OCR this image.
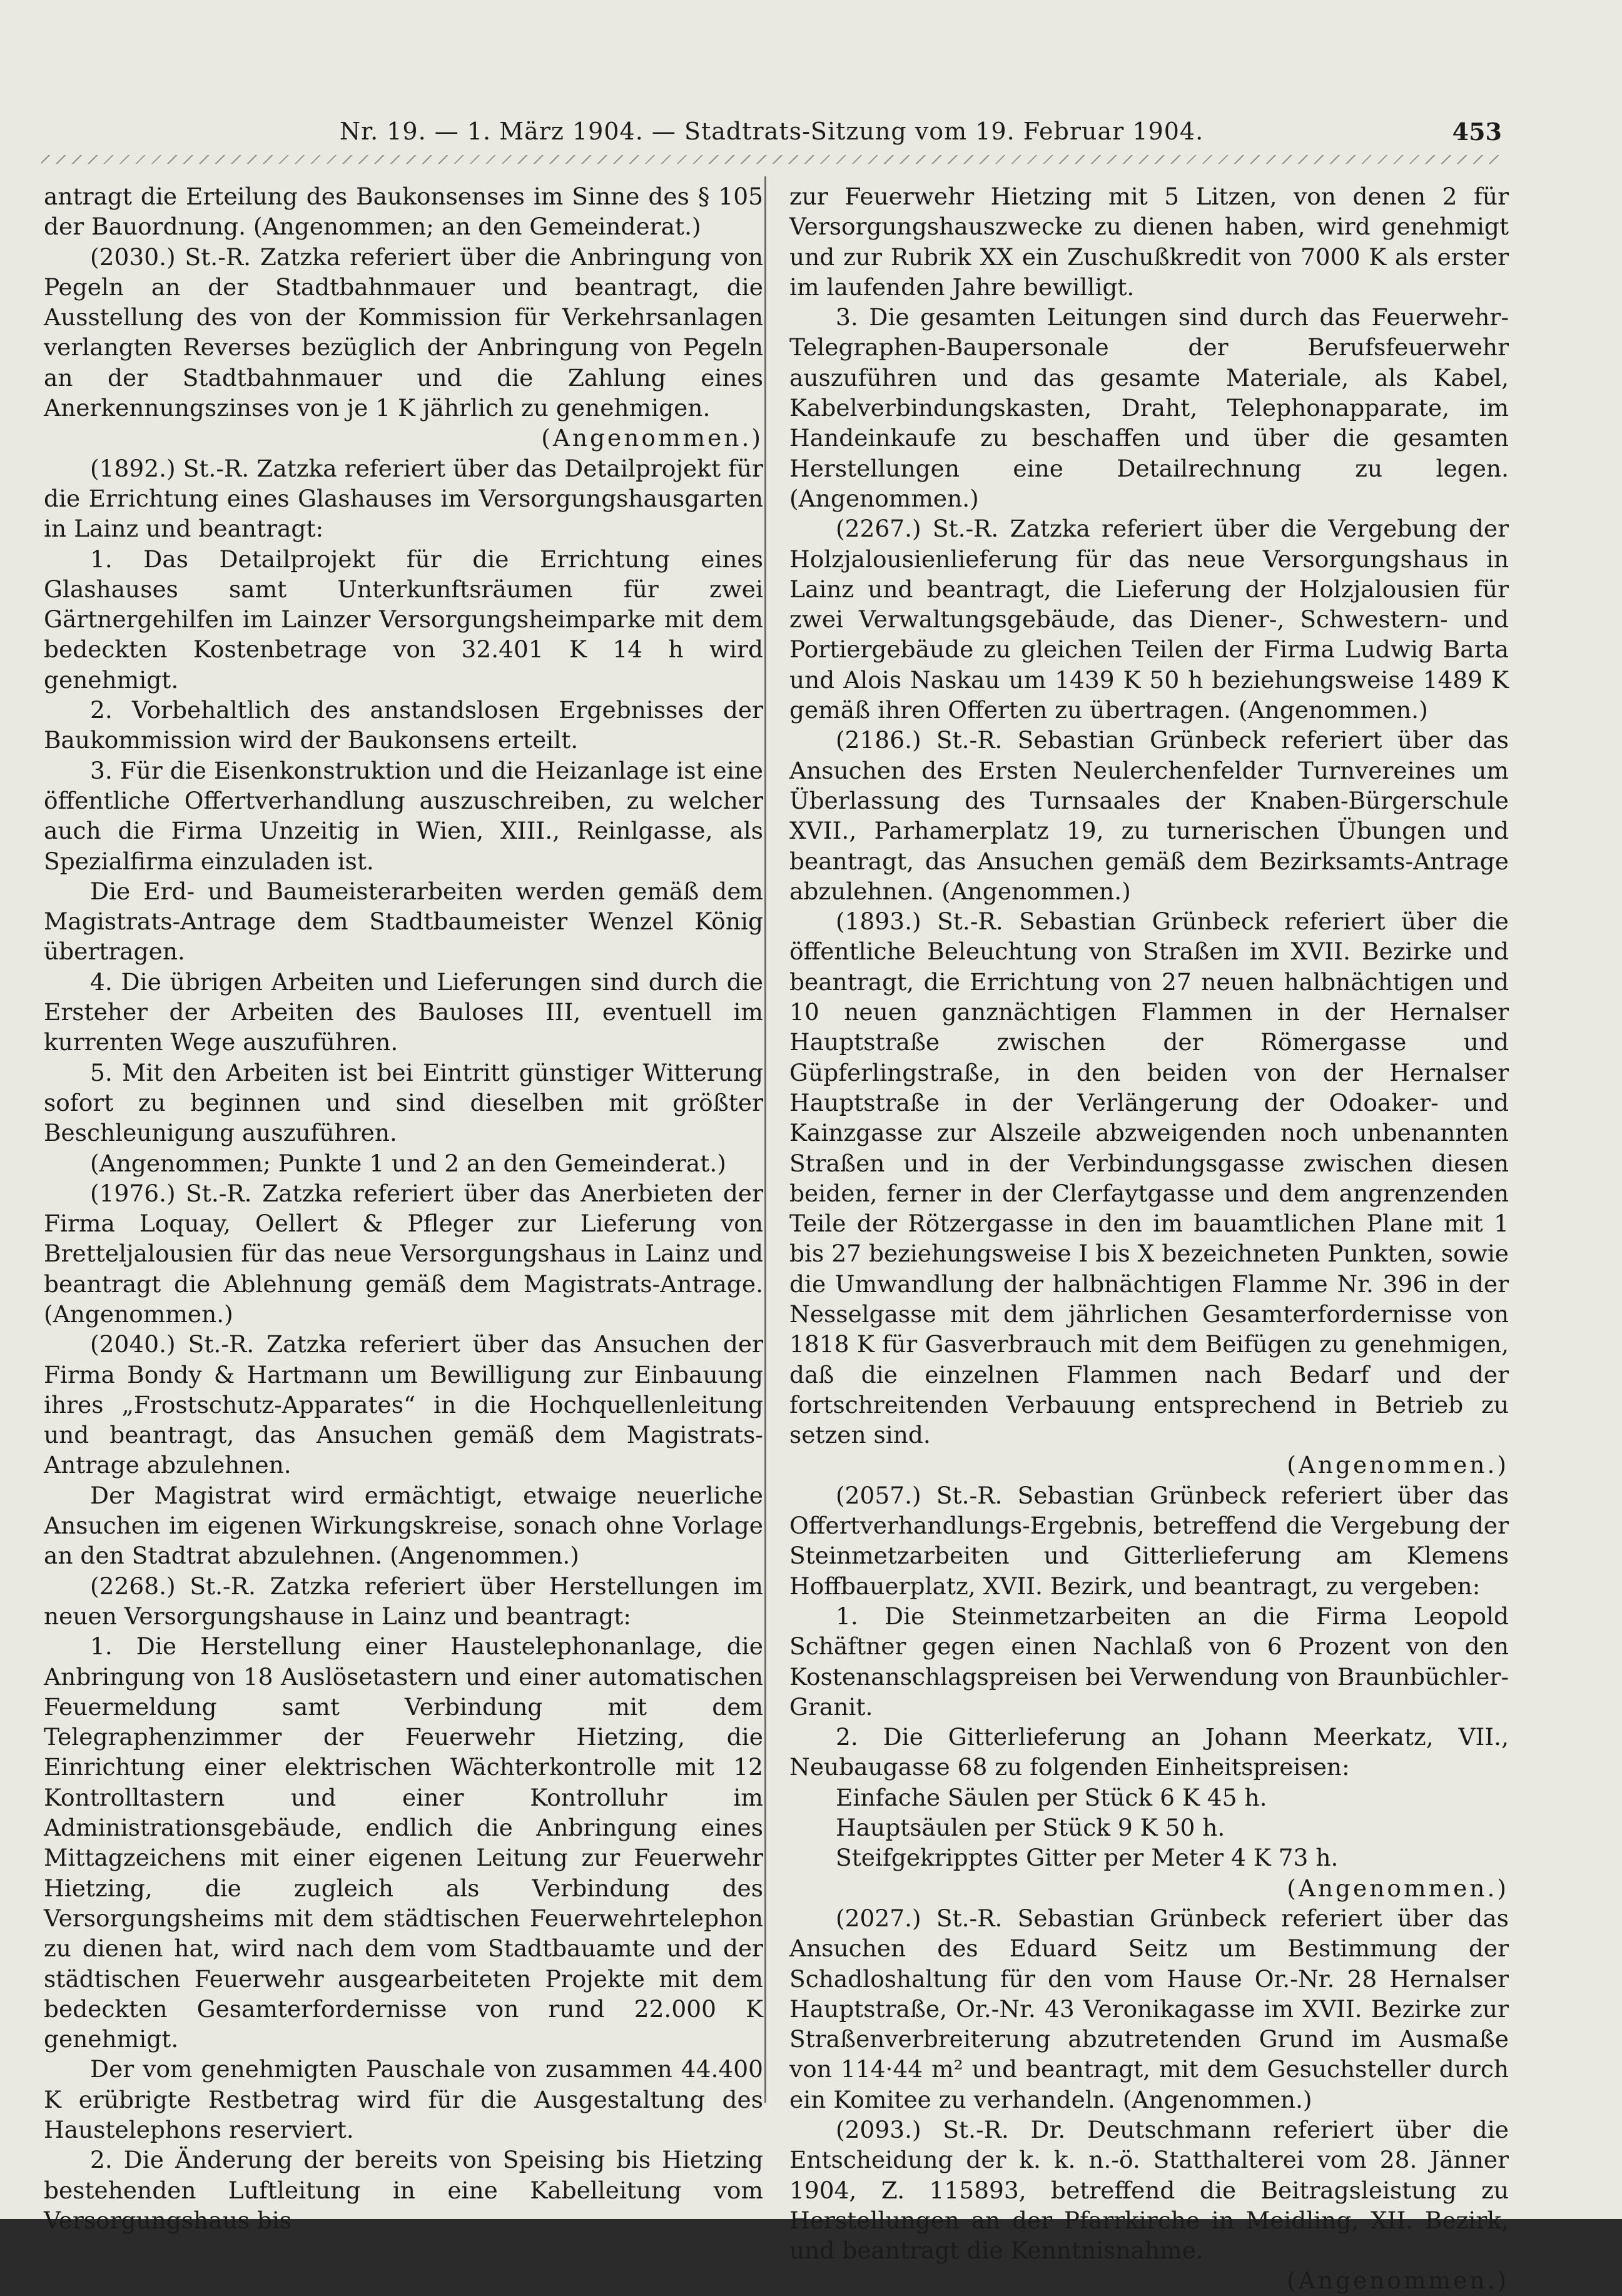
Nr. 19. — 1. März 1904. — Stadtrats-Sitzung vom 19. Februar 1904.	453

antragt die Erteilung des Baukonsenses im Sinne des § 105 der Bauordnung. (Angenommen; an den Gemeinderat.)

(2030.) St.-R. Zatzka referiert über die Anbringung von Pegeln an der Stadtbahnmauer und beantragt, die Ausstellung des von der Kommission für Verkehrsanlagen verlangten Reverses bezüglich der Anbringung von Pegeln an der Stadtbahnmauer und die Zahlung eines Anerkennungszinses von je 1 K jährlich zu genehmigen.

(Angenommen.)

(1892.) St.-R. Zatzka referiert über das Detailprojekt für die Errichtung eines Glashauses im Versorgungshausgarten in Lainz und beantragt:

1. Das Detailprojekt für die Errichtung eines Glashauses samt Unterkunftsräumen für zwei Gärtnergehilfen im Lainzer Versorgungsheimparke mit dem bedeckten Kostenbetrage von 32.401 K 14 h wird genehmigt.

2. Vorbehaltlich des anstandslosen Ergebnisses der Baukommission wird der Baukonsens erteilt.

3. Für die Eisenkonstruktion und die Heizanlage ist eine öffentliche Offertverhandlung auszuschreiben, zu welcher auch die Firma Unzeitig in Wien, XIII., Reinlgasse, als Spezialfirma einzuladen ist.

Die Erd- und Baumeisterarbeiten werden gemäß dem Magistrats-Antrage dem Stadtbaumeister Wenzel König übertragen.

4. Die übrigen Arbeiten und Lieferungen sind durch die Ersteher der Arbeiten des Bauloses III, eventuell im kurrenten Wege auszuführen.

5. Mit den Arbeiten ist bei Eintritt günstiger Witterung sofort zu beginnen und sind dieselben mit größter Beschleunigung auszuführen.

(Angenommen; Punkte 1 und 2 an den Gemeinderat.)

(1976.) St.-R. Zatzka referiert über das Anerbieten der Firma Loquay, Oellert & Pfleger zur Lieferung von Bretteljalousien für das neue Versorgungshaus in Lainz und beantragt die Ablehnung gemäß dem Magistrats-Antrage. (Angenommen.)

(2040.) St.-R. Zatzka referiert über das Ansuchen der Firma Bondy & Hartmann um Bewilligung zur Einbauung ihres „Frostschutz-Apparates“ in die Hochquellenleitung und beantragt, das Ansuchen gemäß dem Magistrats-Antrage abzulehnen.

Der Magistrat wird ermächtigt, etwaige neuerliche Ansuchen im eigenen Wirkungskreise, sonach ohne Vorlage an den Stadtrat abzulehnen. (Angenommen.)

(2268.) St.-R. Zatzka referiert über Herstellungen im neuen Versorgungshause in Lainz und beantragt:

1. Die Herstellung einer Haustelephonanlage, die Anbringung von 18 Auslösetastern und einer automatischen Feuermeldung samt Verbindung mit dem Telegraphenzimmer der Feuerwehr Hietzing, die Einrichtung einer elektrischen Wächterkontrolle mit 12 Kontrolltastern und einer Kontrolluhr im Administrationsgebäude, endlich die Anbringung eines Mittagzeichens mit einer eigenen Leitung zur Feuerwehr Hietzing, die zugleich als Verbindung des Versorgungsheims mit dem städtischen Feuerwehrtelephon zu dienen hat, wird nach dem vom Stadtbauamte und der städtischen Feuerwehr ausgearbeiteten Projekte mit dem bedeckten Gesamterfordernisse von rund 22.000 K genehmigt.

Der vom genehmigten Pauschale von zusammen 44.400 K erübrigte Restbetrag wird für die Ausgestaltung des Haustelephons reserviert.

2. Die Änderung der bereits von Speising bis Hietzing bestehenden Luftleitung in eine Kabelleitung vom Versorgungshaus bis

zur Feuerwehr Hietzing mit 5 Litzen, von denen 2 für Versorgungshauszwecke zu dienen haben, wird genehmigt und zur Rubrik XX ein Zuschußkredit von 7000 K als erster im laufenden Jahre bewilligt.

3. Die gesamten Leitungen sind durch das Feuerwehr-Telegraphen-Baupersonale der Berufsfeuerwehr auszuführen und das gesamte Materiale, als Kabel, Kabelverbindungskasten, Draht, Telephonapparate, im Handeinkaufe zu beschaffen und über die gesamten Herstellungen eine Detailrechnung zu legen. (Angenommen.)

(2267.) St.-R. Zatzka referiert über die Vergebung der Holzjalousienlieferung für das neue Versorgungshaus in Lainz und beantragt, die Lieferung der Holzjalousien für zwei Verwaltungsgebäude, das Diener-, Schwestern- und Portiergebäude zu gleichen Teilen der Firma Ludwig Barta und Alois Naskau um 1439 K 50 h beziehungsweise 1489 K gemäß ihren Offerten zu übertragen. (Angenommen.)

(2186.) St.-R. Sebastian Grünbeck referiert über das Ansuchen des Ersten Neulerchenfelder Turnvereines um Überlassung des Turnsaales der Knaben-Bürgerschule XVII., Parhamerplatz 19, zu turnerischen Übungen und beantragt, das Ansuchen gemäß dem Bezirksamts-Antrage abzulehnen. (Angenommen.)

(1893.) St.-R. Sebastian Grünbeck referiert über die öffentliche Beleuchtung von Straßen im XVII. Bezirke und beantragt, die Errichtung von 27 neuen halbnächtigen und 10 neuen ganznächtigen Flammen in der Hernalser Hauptstraße zwischen der Römergasse und Güpferlingstraße, in den beiden von der Hernalser Hauptstraße in der Verlängerung der Odoaker- und Kainzgasse zur Alszeile abzweigenden noch unbenannten Straßen und in der Verbindungsgasse zwischen diesen beiden, ferner in der Clerfaytgasse und dem angrenzenden Teile der Rötzergasse in den im bauamtlichen Plane mit 1 bis 27 beziehungsweise I bis X bezeichneten Punkten, sowie die Umwandlung der halbnächtigen Flamme Nr. 396 in der Nesselgasse mit dem jährlichen Gesamterfordernisse von 1818 K für Gasverbrauch mit dem Beifügen zu genehmigen, daß die einzelnen Flammen nach Bedarf und der fortschreitenden Verbauung entsprechend in Betrieb zu setzen sind.

(Angenommen.)

(2057.) St.-R. Sebastian Grünbeck referiert über das Offertverhandlungs-Ergebnis, betreffend die Vergebung der Steinmetzarbeiten und Gitterlieferung am Klemens Hoffbauerplatz, XVII. Bezirk, und beantragt, zu vergeben:

1. Die Steinmetzarbeiten an die Firma Leopold Schäftner gegen einen Nachlaß von 6 Prozent von den Kostenanschlagspreisen bei Verwendung von Braunbüchler-Granit.

2. Die Gitterlieferung an Johann Meerkatz, VII., Neubaugasse 68 zu folgenden Einheitspreisen:

Einfache Säulen per Stück 6 K 45 h.

Hauptsäulen per Stück 9 K 50 h.

Steifgekripptes Gitter per Meter 4 K 73 h.

(Angenommen.)

(2027.) St.-R. Sebastian Grünbeck referiert über das Ansuchen des Eduard Seitz um Bestimmung der Schadloshaltung für den vom Hause Or.-Nr. 28 Hernalser Hauptstraße, Or.-Nr. 43 Veronikagasse im XVII. Bezirke zur Straßenverbreiterung abzutretenden Grund im Ausmaße von 114·44 m² und beantragt, mit dem Gesuchsteller durch ein Komitee zu verhandeln. (Angenommen.)

(2093.) St.-R. Dr. Deutschmann referiert über die Entscheidung der k. k. n.-ö. Statthalterei vom 28. Jänner 1904, Z. 115893, betreffend die Beitragsleistung zu Herstellungen an der Pfarrkirche in Meidling, XII. Bezirk, und beantragt die Kenntnisnahme.

(Angenommen.)
